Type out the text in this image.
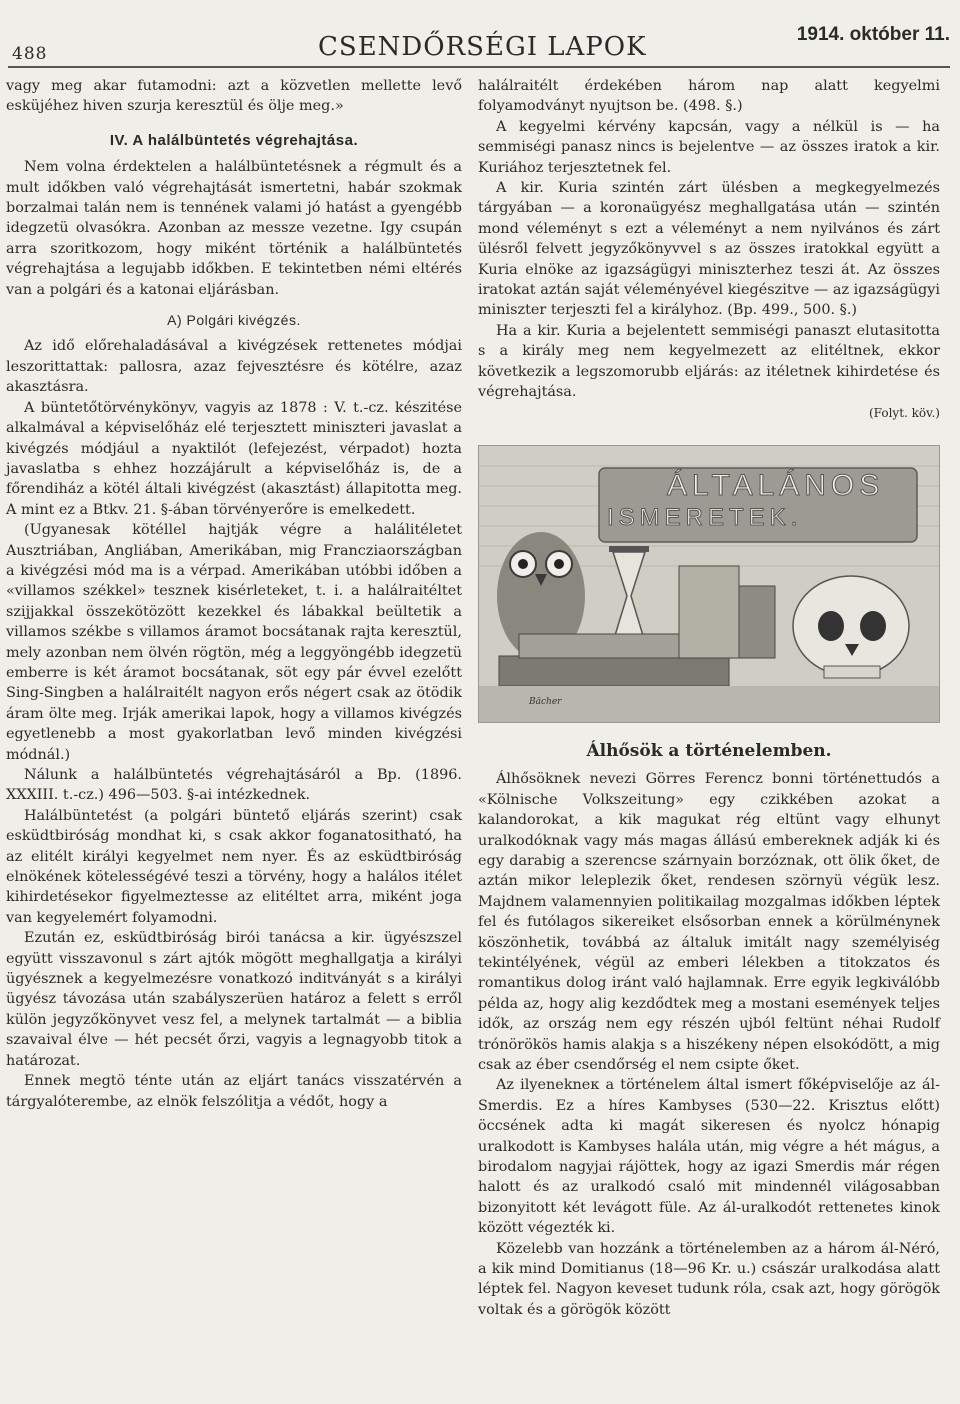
488	CSENDŐRSÉGI LAPOK	1914. október 11.

vagy meg akar futamodni: azt a közvetlen mellette levő esküjéhez hiven szurja keresztül és ölje meg.»

IV. A halálbüntetés végrehajtása.

Nem volna érdektelen a halálbüntetésnek a régmult és a mult időkben való végrehajtását ismertetni, habár szokmak borzalmai talán nem is tennének valami jó hatást a gyengébb idegzetü olvasókra. Azonban az messze vezetne. Igy csupán arra szoritkozom, hogy miként történik a halálbüntetés végrehajtása a legujabb időkben. E tekintetben némi eltérés van a polgári és a katonai eljárásban.

A) Polgári kivégzés.

Az idő előrehaladásával a kivégzések rettenetes módjai leszorittattak: pallosra, azaz fejvesztésre és kötélre, azaz akasztásra.

A büntetőtörvénykönyv, vagyis az 1878 : V. t.-cz. készitése alkalmával a képviselőház elé terjesztett miniszteri javaslat a kivégzés módjául a nyaktilót (lefejezést, vérpadot) hozta javaslatba s ehhez hozzájárult a képviselőház is, de a főrendiház a kötél általi kivégzést (akasztást) állapitotta meg. A mint ez a Btkv. 21. §-ában törvényerőre is emelkedett.

(Ugyanesak kötéllel hajtják végre a halálitéletet Ausztriában, Angliában, Amerikában, mig Francziaországban a kivégzési mód ma is a vérpad. Amerikában utóbbi időben a «villamos székkel» tesznek kisérleteket, t. i. a halálraitéltet szijjakkal összekötözött kezekkel és lábakkal beültetik a villamos székbe s villamos áramot bocsátanak rajta keresztül, mely azonban nem ölvén rögtön, még a leggyöngébb idegzetü emberre is két áramot bocsátanak, söt egy pár évvel ezelőtt Sing-Singben a halálraitélt nagyon erős négert csak az ötödik áram ölte meg. Irják amerikai lapok, hogy a villamos kivégzés egyetlenebb a most gyakorlatban levő minden kivégzési módnál.)

Nálunk a halálbüntetés végrehajtásáról a Bp. (1896. XXXIII. t.-cz.) 496—503. §-ai intézkednek.

Halálbüntetést (a polgári büntető eljárás szerint) csak esküdtbiróság mondhat ki, s csak akkor foganatositható, ha az elitélt királyi kegyelmet nem nyer. És az esküdtbiróság elnökének kötelességévé teszi a törvény, hogy a halálos itélet kihirdetésekor figyelmeztesse az elitéltet arra, miként joga van kegyelemért folyamodni.

Ezután ez, esküdtbiróság birói tanácsa a kir. ügyészszel együtt visszavonul s zárt ajtók mögött meghallgatja a királyi ügyésznek a kegyelmezésre vonatkozó inditványát s a királyi ügyész távozása után szabályszerüen határoz a felett s erről külön jegyzőkönyvet vesz fel, a melynek tartalmát — a biblia szavaival élve — hét pecsét őrzi, vagyis a legnagyobb titok a határozat.

Ennek megtö ténte után az eljárt tanács visszatérvén a tárgyalóterembe, az elnök felszólitja a védőt, hogy a

halálraitélt érdekében három nap alatt kegyelmi folyamodványt nyujtson be. (498. §.)

A kegyelmi kérvény kapcsán, vagy a nélkül is — ha semmiségi panasz nincs is bejelentve — az összes iratok a kir. Kuriához terjesztetnek fel.

A kir. Kuria szintén zárt ülésben a megkegyelmezés tárgyában — a koronaügyész meghallgatása után — szintén mond véleményt s ezt a véleményt a nem nyilvános és zárt ülésről felvett jegyzőkönyvvel s az összes iratokkal együtt a Kuria elnöke az igazságügyi miniszterhez teszi át. Az összes iratokat aztán saját véleményével kiegészitve — az igazságügyi miniszter terjeszti fel a királyhoz. (Bp. 499., 500. §.)

Ha a kir. Kuria a bejelentett semmiségi panaszt elutasitotta s a király meg nem kegyelmezett az elitéltnek, ekkor következik a legszomorubb eljárás: az itéletnek kihirdetése és végrehajtása.

(Folyt. köv.)
ÁLTALÁNOS
ISMERETEK.
Bächer
Álhősök a történelemben.

Álhősöknek nevezi Görres Ferencz bonni történettudós a «Kölnische Volkszeitung» egy czikkében azokat a kalandorokat, a kik magukat rég eltünt vagy elhunyt uralkodóknak vagy más magas állású embereknek adják ki és egy darabig a szerencse szárnyain borzóznak, ott ölik őket, de aztán mikor leleplezik őket, rendesen szörnyü végük lesz. Majdnem valamennyien politikailag mozgalmas időkben léptek fel és futólagos sikereiket elsősorban ennek a körülménynek köszönhetik, továbbá az általuk imitált nagy személyiség tekintélyének, végül az emberi lélekben a titokzatos és romantikus dolog iránt való hajlamnak. Erre egyik legkiválóbb példa az, hogy alig kezdődtek meg a mostani események teljes idők, az ország nem egy részén ujból feltünt néhai Rudolf trónörökös hamis alakja s a hiszékeny népen elsokódött, a mig csak az éber csendőrség el nem csipte őket.

Az ilyenekneк a történelem által ismert főképviselője az ál-Smerdis. Ez a híres Kambyses (530—22. Krisztus előtt) öccsének adta ki magát sikeresen és nyolcz hónapig uralkodott is Kambyses halála után, mig végre a hét mágus, a birodalom nagyjai rájöttek, hogy az igazi Smerdis már régen halott és az uralkodó csaló mit mindennél világosabban bizonyitott két levágott füle. Az ál-uralkodót rettenetes kinok között végezték ki.

Közelebb van hozzánk a történelemben az a három ál-Néró, a kik mind Domitianus (18—96 Kr. u.) császár uralkodása alatt léptek fel. Nagyon keveset tudunk róla, csak azt, hogy görögök voltak és a görögök között
